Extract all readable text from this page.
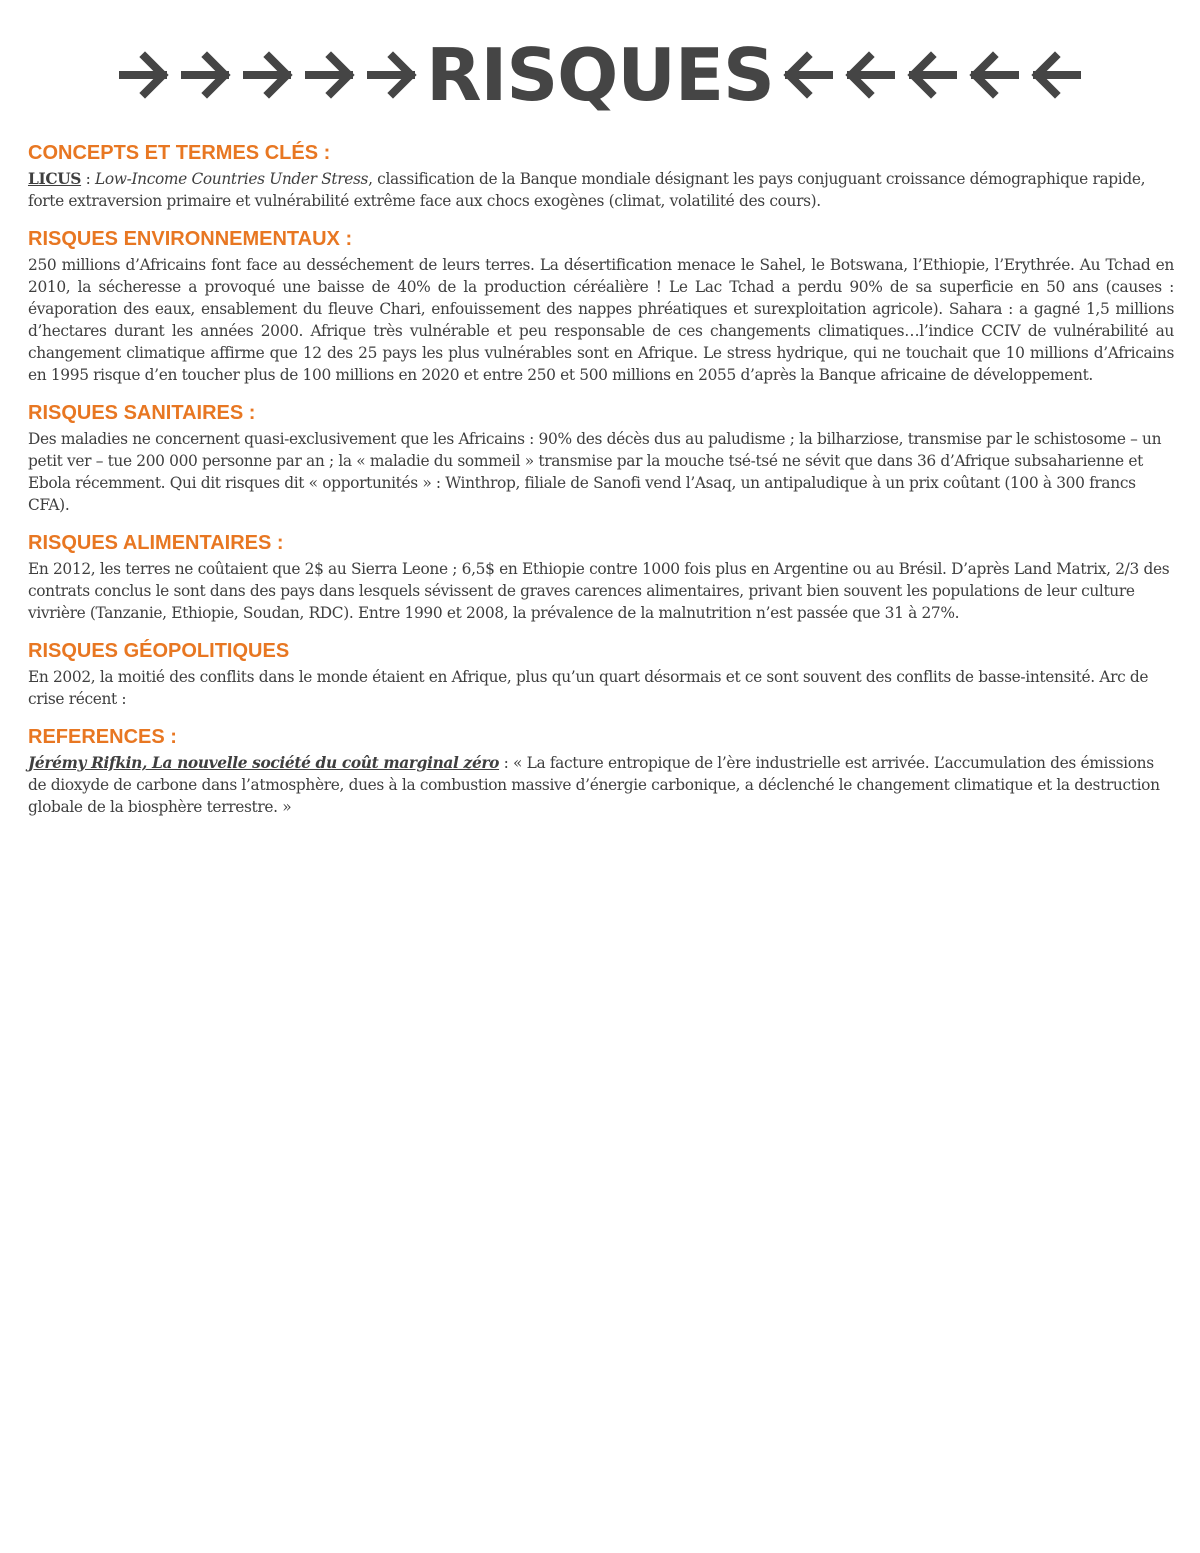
RISQUES
CONCEPTS ET TERMES CLÉS :

LICUS : Low-Income Countries Under Stress, classification de la Banque mondiale désignant les pays conjuguant croissance démographique rapide, forte extraversion primaire et vulnérabilité extrême face aux chocs exogènes (climat, volatilité des cours).

RISQUES ENVIRONNEMENTAUX :

250 millions d’Africains font face au desséchement de leurs terres. La désertification menace le Sahel, le Botswana, l’Ethiopie, l’Erythrée. Au Tchad en 2010, la sécheresse a provoqué une baisse de 40% de la production céréalière ! Le Lac Tchad a perdu 90% de sa superficie en 50 ans (causes : évaporation des eaux, ensablement du fleuve Chari, enfouissement des nappes phréatiques et surexploitation agricole). Sahara : a gagné 1,5 millions d’hectares durant les années 2000. Afrique très vulnérable et peu responsable de ces changements climatiques…l’indice CCIV de vulnérabilité au changement climatique affirme que 12 des 25 pays les plus vulnérables sont en Afrique. Le stress hydrique, qui ne touchait que 10 millions d’Africains en 1995 risque d’en toucher plus de 100 millions en 2020 et entre 250 et 500 millions en 2055 d’après la Banque africaine de développement.

RISQUES SANITAIRES :

Des maladies ne concernent quasi-exclusivement que les Africains : 90% des décès dus au paludisme ; la bilharziose, transmise par le schistosome – un petit ver – tue 200 000 personne par an ; la « maladie du sommeil » transmise par la mouche tsé-tsé ne sévit que dans 36 d’Afrique subsaharienne et Ebola récemment. Qui dit risques dit « opportunités » : Winthrop, filiale de Sanofi vend l’Asaq, un antipaludique à un prix coûtant (100 à 300 francs CFA).

RISQUES ALIMENTAIRES :

En 2012, les terres ne coûtaient que 2$ au Sierra Leone ; 6,5$ en Ethiopie contre 1000 fois plus en Argentine ou au Brésil. D’après Land Matrix, 2/3 des contrats conclus le sont dans des pays dans lesquels sévissent de graves carences alimentaires, privant bien souvent les populations de leur culture vivrière (Tanzanie, Ethiopie, Soudan, RDC). Entre 1990 et 2008, la prévalence de la malnutrition n’est passée que 31 à 27%.

RISQUES GÉOPOLITIQUES

En 2002, la moitié des conflits dans le monde étaient en Afrique, plus qu’un quart désormais et ce sont souvent des conflits de basse-intensité. Arc de crise récent :

REFERENCES :

Jérémy Rifkin, La nouvelle société du coût marginal zéro : « La facture entropique de l’ère industrielle est arrivée. L’accumulation des émissions de dioxyde de carbone dans l’atmosphère, dues à la combustion massive d’énergie carbonique, a déclenché le changement climatique et la destruction globale de la biosphère terrestre. »
